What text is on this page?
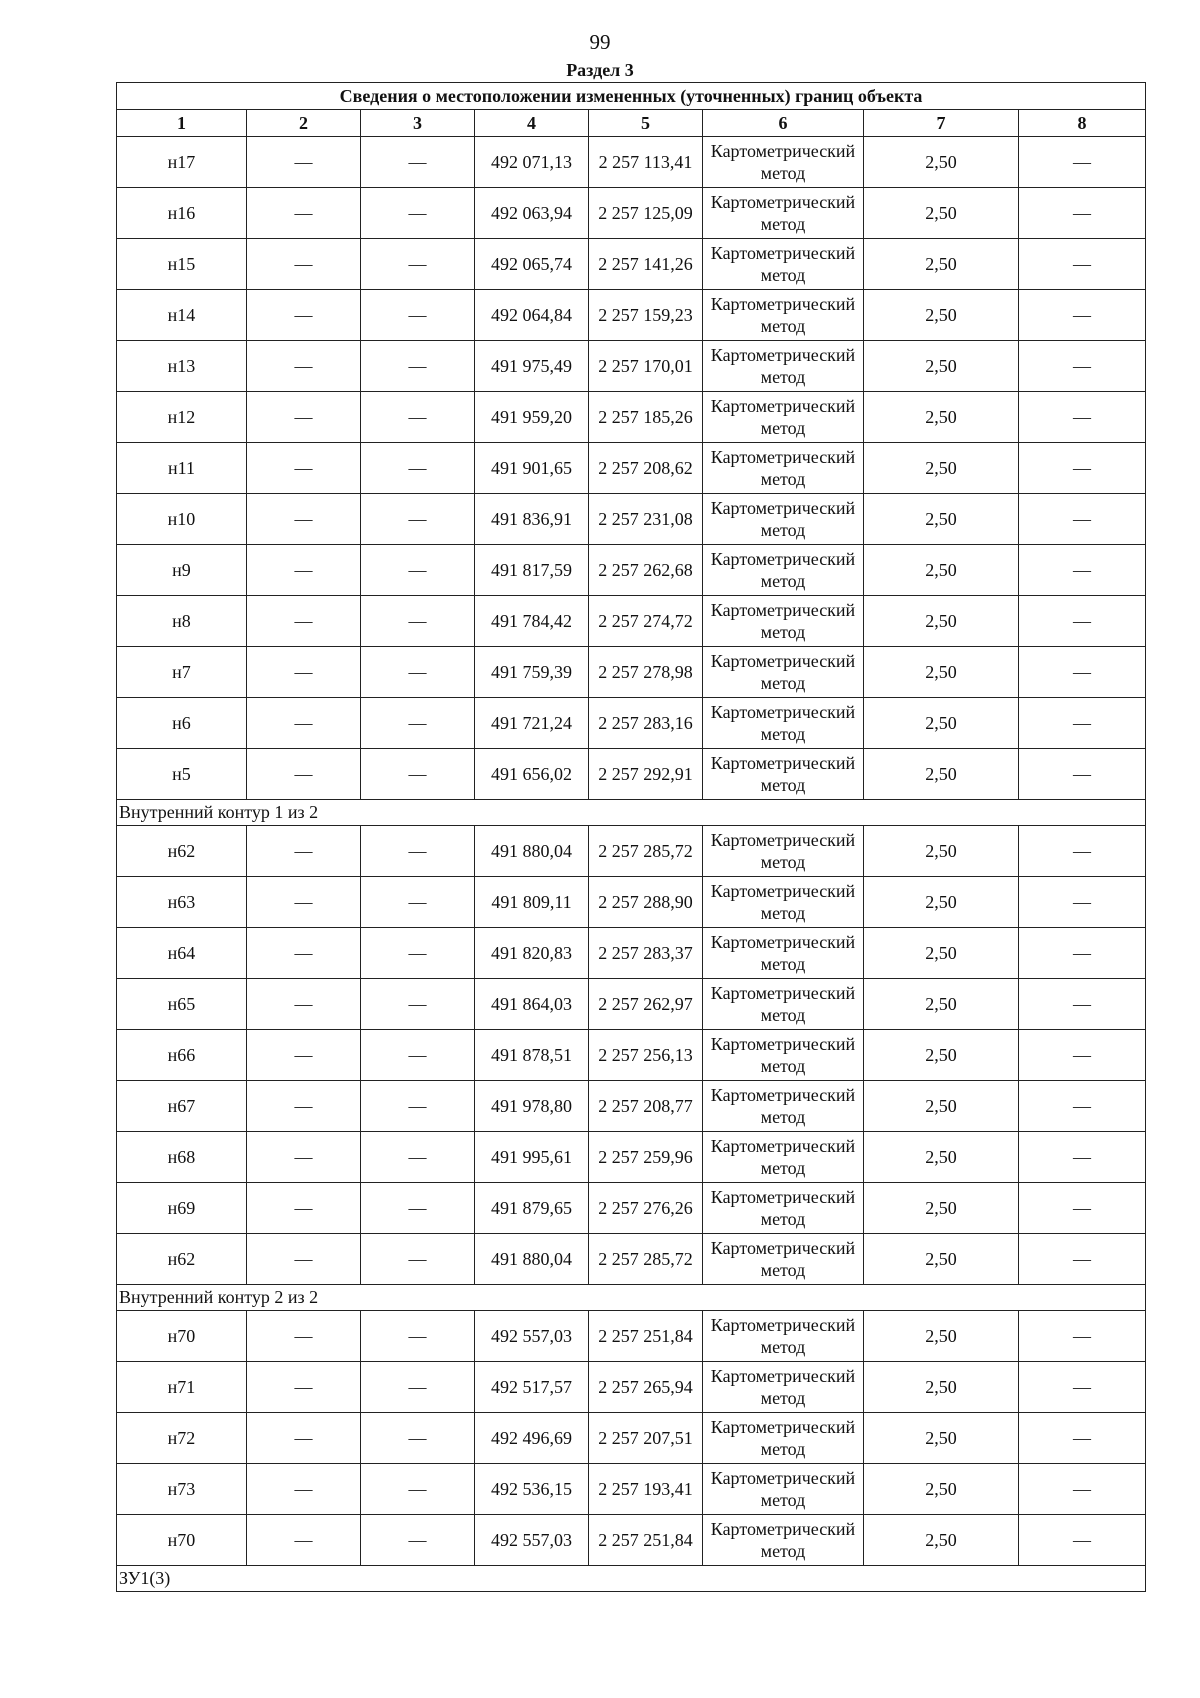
99
Раздел 3
Сведения о местоположении измененных (уточненных) границ объекта							
1	2	3	4	5	6	7	8
н17	—	—	492 071,13	2 257 113,41	Картометрический метод	2,50	—
н16	—	—	492 063,94	2 257 125,09	Картометрический метод	2,50	—
н15	—	—	492 065,74	2 257 141,26	Картометрический метод	2,50	—
н14	—	—	492 064,84	2 257 159,23	Картометрический метод	2,50	—
н13	—	—	491 975,49	2 257 170,01	Картометрический метод	2,50	—
н12	—	—	491 959,20	2 257 185,26	Картометрический метод	2,50	—
н11	—	—	491 901,65	2 257 208,62	Картометрический метод	2,50	—
н10	—	—	491 836,91	2 257 231,08	Картометрический метод	2,50	—
н9	—	—	491 817,59	2 257 262,68	Картометрический метод	2,50	—
н8	—	—	491 784,42	2 257 274,72	Картометрический метод	2,50	—
н7	—	—	491 759,39	2 257 278,98	Картометрический метод	2,50	—
н6	—	—	491 721,24	2 257 283,16	Картометрический метод	2,50	—
н5	—	—	491 656,02	2 257 292,91	Картометрический метод	2,50	—
Внутренний контур 1 из 2							
н62	—	—	491 880,04	2 257 285,72	Картометрический метод	2,50	—
н63	—	—	491 809,11	2 257 288,90	Картометрический метод	2,50	—
н64	—	—	491 820,83	2 257 283,37	Картометрический метод	2,50	—
н65	—	—	491 864,03	2 257 262,97	Картометрический метод	2,50	—
н66	—	—	491 878,51	2 257 256,13	Картометрический метод	2,50	—
н67	—	—	491 978,80	2 257 208,77	Картометрический метод	2,50	—
н68	—	—	491 995,61	2 257 259,96	Картометрический метод	2,50	—
н69	—	—	491 879,65	2 257 276,26	Картометрический метод	2,50	—
н62	—	—	491 880,04	2 257 285,72	Картометрический метод	2,50	—
Внутренний контур 2 из 2							
н70	—	—	492 557,03	2 257 251,84	Картометрический метод	2,50	—
н71	—	—	492 517,57	2 257 265,94	Картометрический метод	2,50	—
н72	—	—	492 496,69	2 257 207,51	Картометрический метод	2,50	—
н73	—	—	492 536,15	2 257 193,41	Картометрический метод	2,50	—
н70	—	—	492 557,03	2 257 251,84	Картометрический метод	2,50	—
ЗУ1(3)							
